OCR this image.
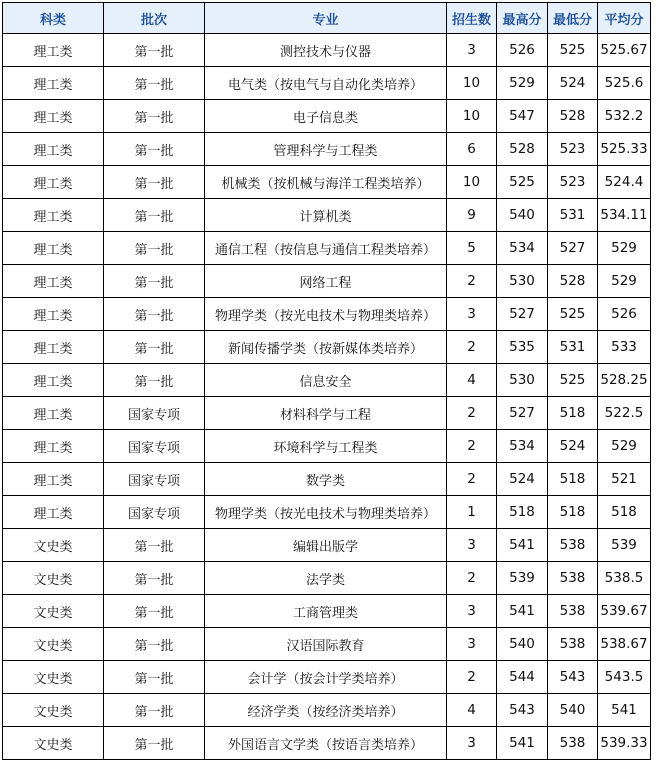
科类	批次	专业	招生数	最高分	最低分	平均分
理工类	第一批	测控技术与仪器	3	526	525	525.67
理工类	第一批	电气类（按电气与自动化类培养）	10	529	524	525.6
理工类	第一批	电子信息类	10	547	528	532.2
理工类	第一批	管理科学与工程类	6	528	523	525.33
理工类	第一批	机械类（按机械与海洋工程类培养）	10	525	523	524.4
理工类	第一批	计算机类	9	540	531	534.11
理工类	第一批	通信工程（按信息与通信工程类培养）	5	534	527	529
理工类	第一批	网络工程	2	530	528	529
理工类	第一批	物理学类（按光电技术与物理类培养）	3	527	525	526
理工类	第一批	新闻传播学类（按新媒体类培养）	2	535	531	533
理工类	第一批	信息安全	4	530	525	528.25
理工类	国家专项	材料科学与工程	2	527	518	522.5
理工类	国家专项	环境科学与工程类	2	534	524	529
理工类	国家专项	数学类	2	524	518	521
理工类	国家专项	物理学类（按光电技术与物理类培养）	1	518	518	518
文史类	第一批	编辑出版学	3	541	538	539
文史类	第一批	法学类	2	539	538	538.5
文史类	第一批	工商管理类	3	541	538	539.67
文史类	第一批	汉语国际教育	3	540	538	538.67
文史类	第一批	会计学（按会计学类培养）	2	544	543	543.5
文史类	第一批	经济学类（按经济类培养）	4	543	540	541
文史类	第一批	外国语言文学类（按语言类培养）	3	541	538	539.33
